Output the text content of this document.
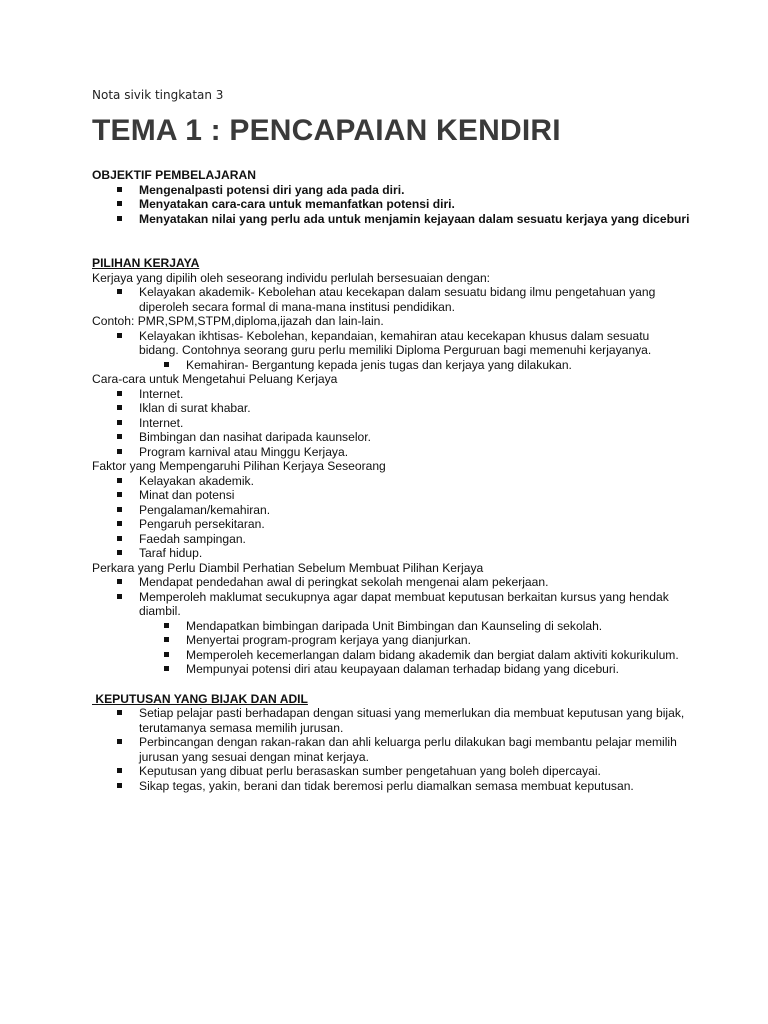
Nota sivik tingkatan 3
TEMA 1 : PENCAPAIAN KENDIRI

OBJEKTIF PEMBELAJARAN

Mengenalpasti potensi diri yang ada pada diri.
Menyatakan cara-cara untuk memanfatkan potensi diri.
Menyatakan nilai yang perlu ada untuk menjamin kejayaan dalam sesuatu kerjaya yang diceburi

PILIHAN KERJAYA

Kerjaya yang dipilih oleh seseorang individu perlulah bersesuaian dengan:

Kelayakan akademik- Kebolehan atau kecekapan dalam sesuatu bidang ilmu pengetahuan yang diperoleh secara formal di mana-mana institusi pendidikan.

Contoh: PMR,SPM,STPM,diploma,ijazah dan lain-lain.

Kelayakan ikhtisas- Kebolehan, kepandaian, kemahiran atau kecekapan khusus dalam sesuatu bidang. Contohnya seorang guru perlu memiliki Diploma Perguruan bagi memenuhi kerjayanya.
Kemahiran- Bergantung kepada jenis tugas dan kerjaya yang dilakukan.

Cara-cara untuk Mengetahui Peluang Kerjaya

Internet.
Iklan di surat khabar.
Internet.
Bimbingan dan nasihat daripada kaunselor.
Program karnival atau Minggu Kerjaya.

Faktor yang Mempengaruhi Pilihan Kerjaya Seseorang

Kelayakan akademik.
Minat dan potensi
Pengalaman/kemahiran.
Pengaruh persekitaran.
Faedah sampingan.
Taraf hidup.

Perkara yang Perlu Diambil Perhatian Sebelum Membuat Pilihan Kerjaya

Mendapat pendedahan awal di peringkat sekolah mengenai alam pekerjaan.
Memperoleh maklumat secukupnya agar dapat membuat keputusan berkaitan kursus yang hendak diambil.
Mendapatkan bimbingan daripada Unit Bimbingan dan Kaunseling di sekolah.
Menyertai program-program kerjaya yang dianjurkan.
Memperoleh kecemerlangan dalam bidang akademik dan bergiat dalam aktiviti kokurikulum.
Mempunyai potensi diri atau keupayaan dalaman terhadap bidang yang diceburi.

KEPUTUSAN YANG BIJAK DAN ADIL

Setiap pelajar pasti berhadapan dengan situasi yang memerlukan dia membuat keputusan yang bijak, terutamanya semasa memilih jurusan.
Perbincangan dengan rakan-rakan dan ahli keluarga perlu dilakukan bagi membantu pelajar memilih jurusan yang sesuai dengan minat kerjaya.
Keputusan yang dibuat perlu berasaskan sumber pengetahuan yang boleh dipercayai.
Sikap tegas, yakin, berani dan tidak beremosi perlu diamalkan semasa membuat keputusan.
